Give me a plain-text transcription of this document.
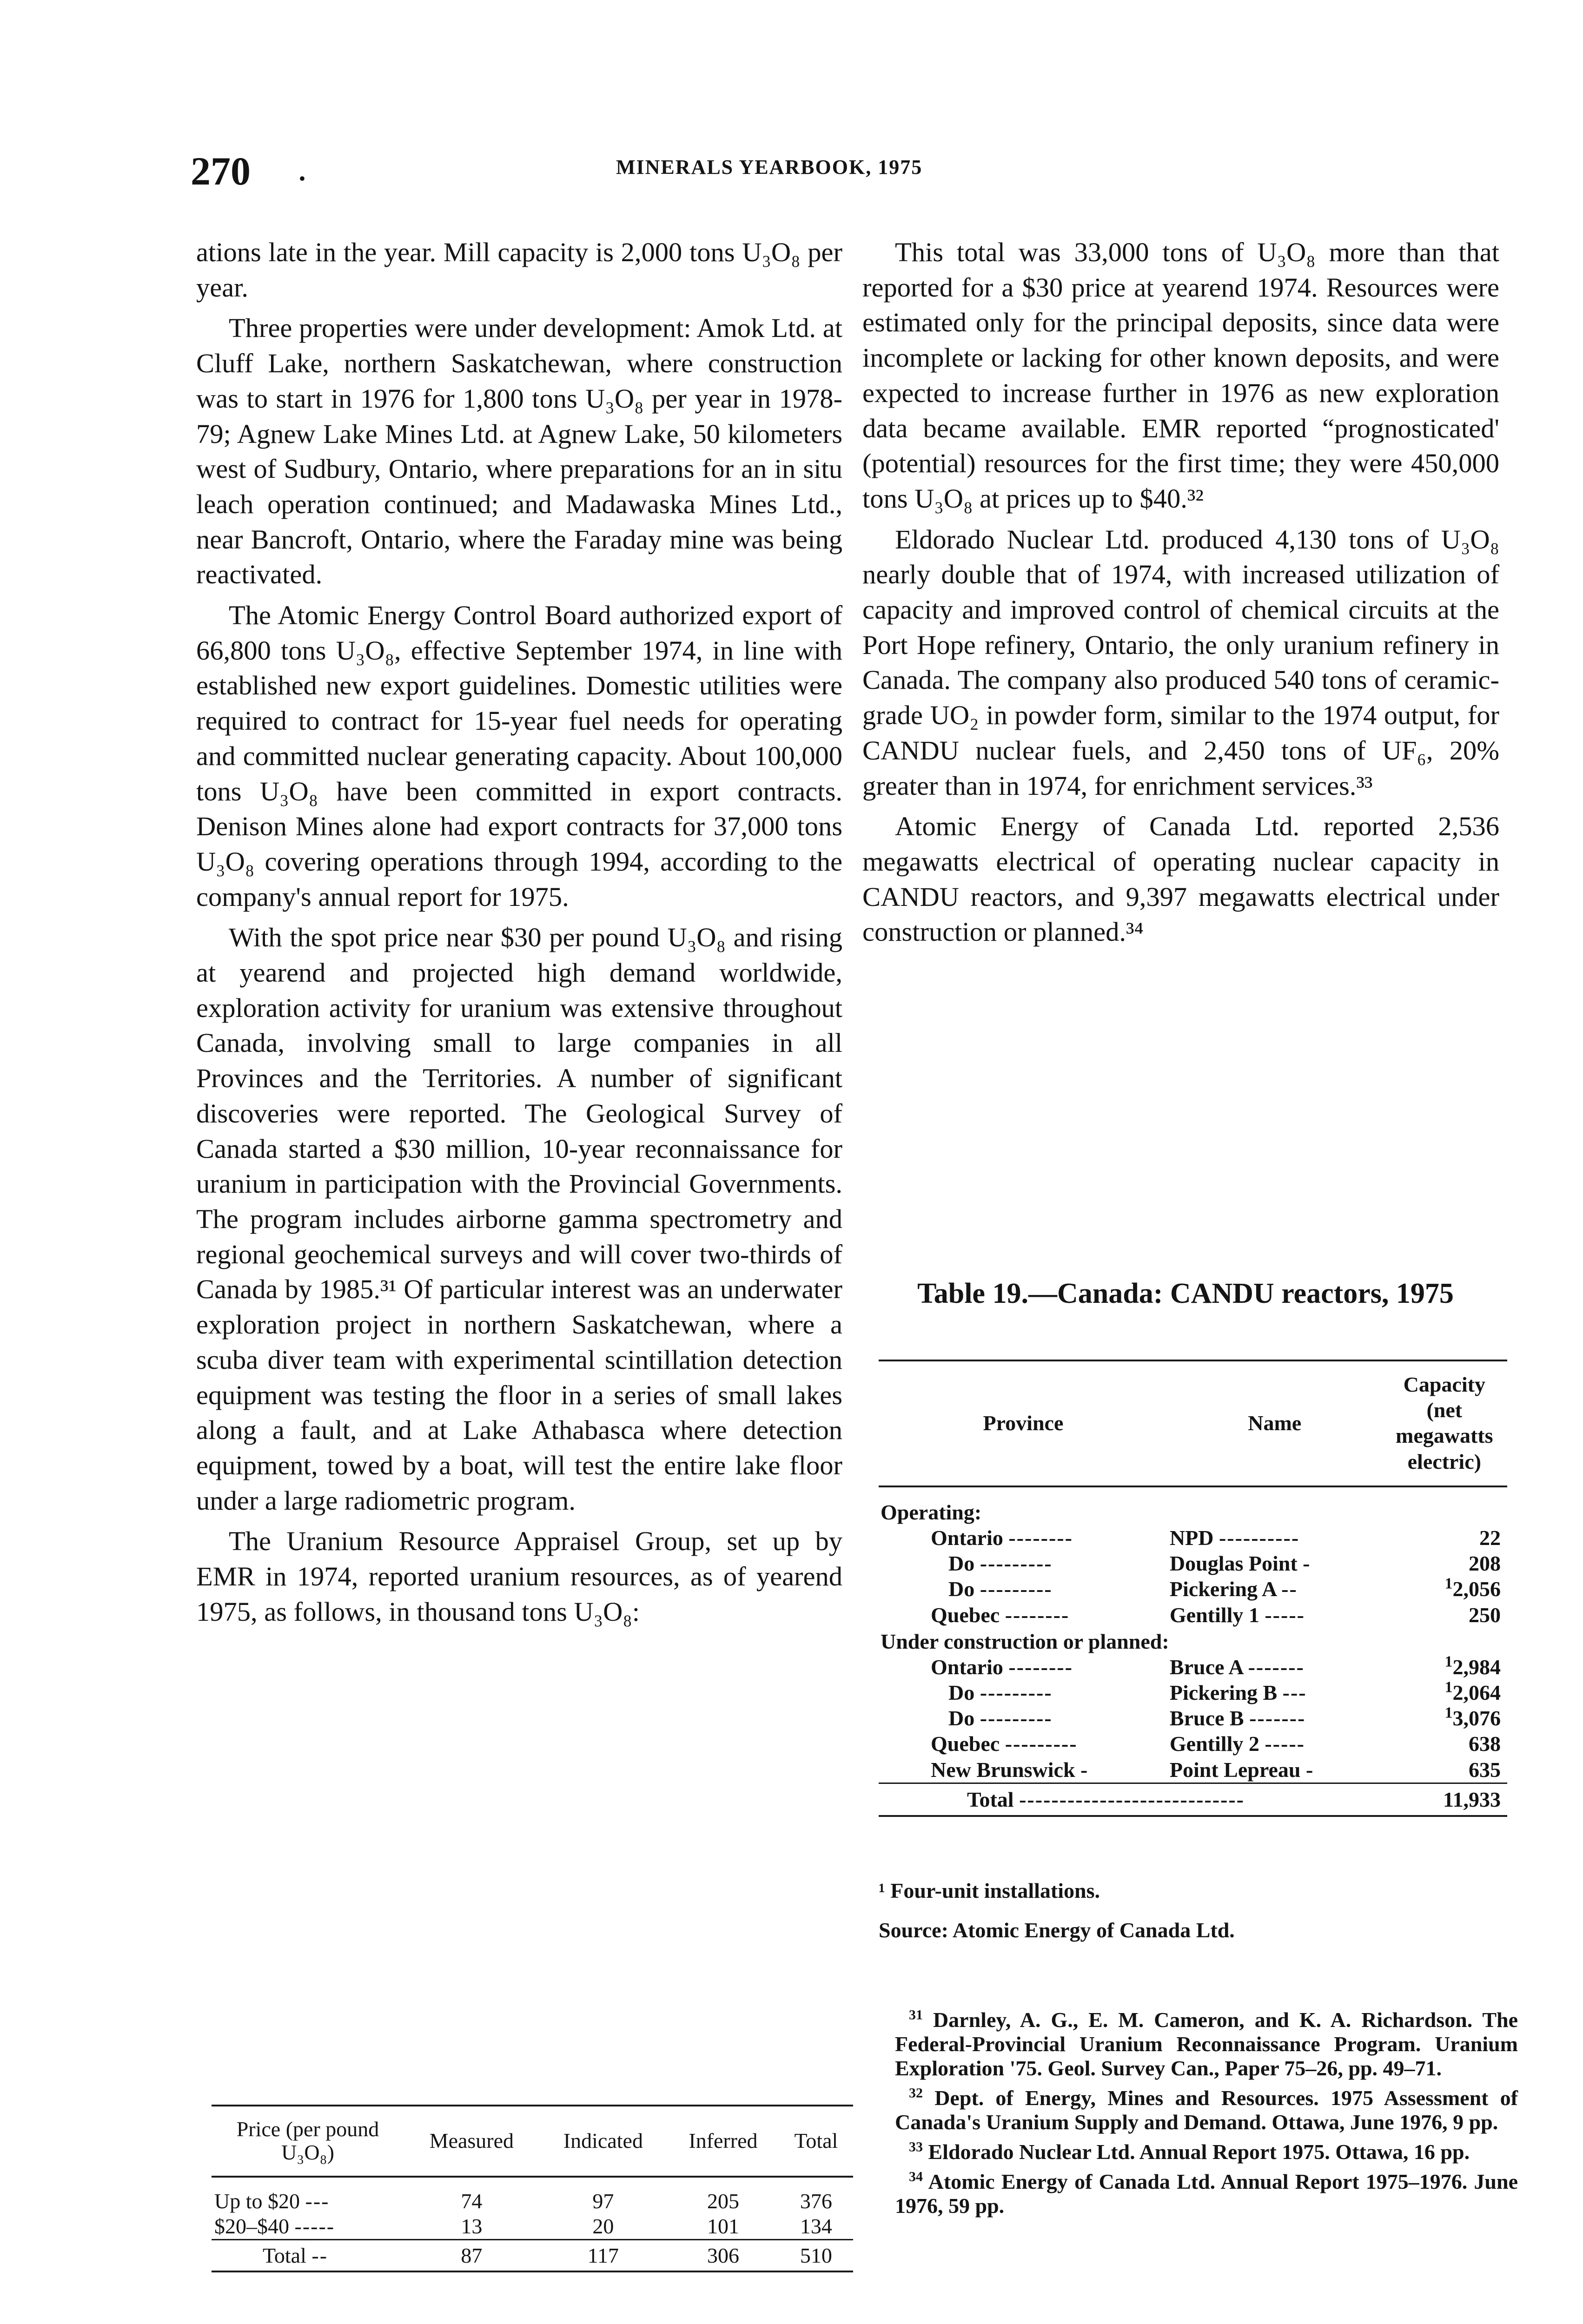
270 ·	MINERALS YEARBOOK, 1975

ations late in the year. Mill capacity is 2,000 tons U₃O₈ per year.

Three properties were under development: Amok Ltd. at Cluff Lake, northern Saskatchewan, where construction was to start in 1976 for 1,800 tons U₃O₈ per year in 1978-79; Agnew Lake Mines Ltd. at Agnew Lake, 50 kilometers west of Sudbury, Ontario, where preparations for an in situ leach operation continued; and Madawaska Mines Ltd., near Bancroft, Ontario, where the Faraday mine was being reactivated.

The Atomic Energy Control Board authorized export of 66,800 tons U₃O₈, effective September 1974, in line with established new export guidelines. Domestic utilities were required to contract for 15-year fuel needs for operating and committed nuclear generating capacity. About 100,000 tons U₃O₈ have been committed in export contracts. Denison Mines alone had export contracts for 37,000 tons U₃O₈ covering operations through 1994, according to the company's annual report for 1975.

With the spot price near $30 per pound U₃O₈ and rising at yearend and projected high demand worldwide, exploration activity for uranium was extensive throughout Canada, involving small to large companies in all Provinces and the Territories. A number of significant discoveries were reported. The Geological Survey of Canada started a $30 million, 10-year reconnaissance for uranium in participation with the Provincial Governments. The program includes airborne gamma spectrometry and regional geochemical surveys and will cover two-thirds of Canada by 1985.³¹ Of particular interest was an underwater exploration project in northern Saskatchewan, where a scuba diver team with experimental scintillation detection equipment was testing the floor in a series of small lakes along a fault, and at Lake Athabasca where detection equipment, towed by a boat, will test the entire lake floor under a large radiometric program.

The Uranium Resource Appraisel Group, set up by EMR in 1974, reported uranium resources, as of yearend 1975, as follows, in thousand tons U₃O₈:

Price (per pound U₃O₈)	Measured	Indicated	Inferred	Total
Up to $20 ---	74	97	205	376
$20–$40 -----	13	20	101	134
Total --	87	117	306	510

This total was 33,000 tons of U₃O₈ more than that reported for a $30 price at yearend 1974. Resources were estimated only for the principal deposits, since data were incomplete or lacking for other known deposits, and were expected to increase further in 1976 as new exploration data became available. EMR reported “prognosticated' (potential) resources for the first time; they were 450,000 tons U₃O₈ at prices up to $40.³²

Eldorado Nuclear Ltd. produced 4,130 tons of U₃O₈ nearly double that of 1974, with increased utilization of capacity and improved control of chemical circuits at the Port Hope refinery, Ontario, the only uranium refinery in Canada. The company also produced 540 tons of ceramic-grade UO₂ in powder form, similar to the 1974 output, for CANDU nuclear fuels, and 2,450 tons of UF₆, 20% greater than in 1974, for enrichment services.³³

Atomic Energy of Canada Ltd. reported 2,536 megawatts electrical of operating nuclear capacity in CANDU reactors, and 9,397 megawatts electrical under construction or planned.³⁴

Table 19.—Canada: CANDU reactors, 1975
Province	Name	Capacity (net megawatts electric)
Operating:		
Ontario --------	NPD ----------	22
Do ---------	Douglas Point -	208
Do ---------	Pickering A --	$^1$2,056
Quebec --------	Gentilly 1 -----	250
Under construction or planned:		
Ontario --------	Bruce A -------	$^1$2,984
Do ---------	Pickering B ---	$^1$2,064
Do ---------	Bruce B -------	$^1$3,076
Quebec ---------	Gentilly 2 -----	638
New Brunswick -	Point Lepreau -	635
Total ----------------------------		11,933
¹ Four-unit installations.
Source: Atomic Energy of Canada Ltd.

$^{31}$ Darnley, A. G., E. M. Cameron, and K. A. Richardson. The Federal-Provincial Uranium Reconnaissance Program. Uranium Exploration '75. Geol. Survey Can., Paper 75–26, pp. 49–71.

$^{32}$ Dept. of Energy, Mines and Resources. 1975 Assessment of Canada's Uranium Supply and Demand. Ottawa, June 1976, 9 pp.

$^{33}$ Eldorado Nuclear Ltd. Annual Report 1975. Ottawa, 16 pp.

$^{34}$ Atomic Energy of Canada Ltd. Annual Report 1975–1976. June 1976, 59 pp.
